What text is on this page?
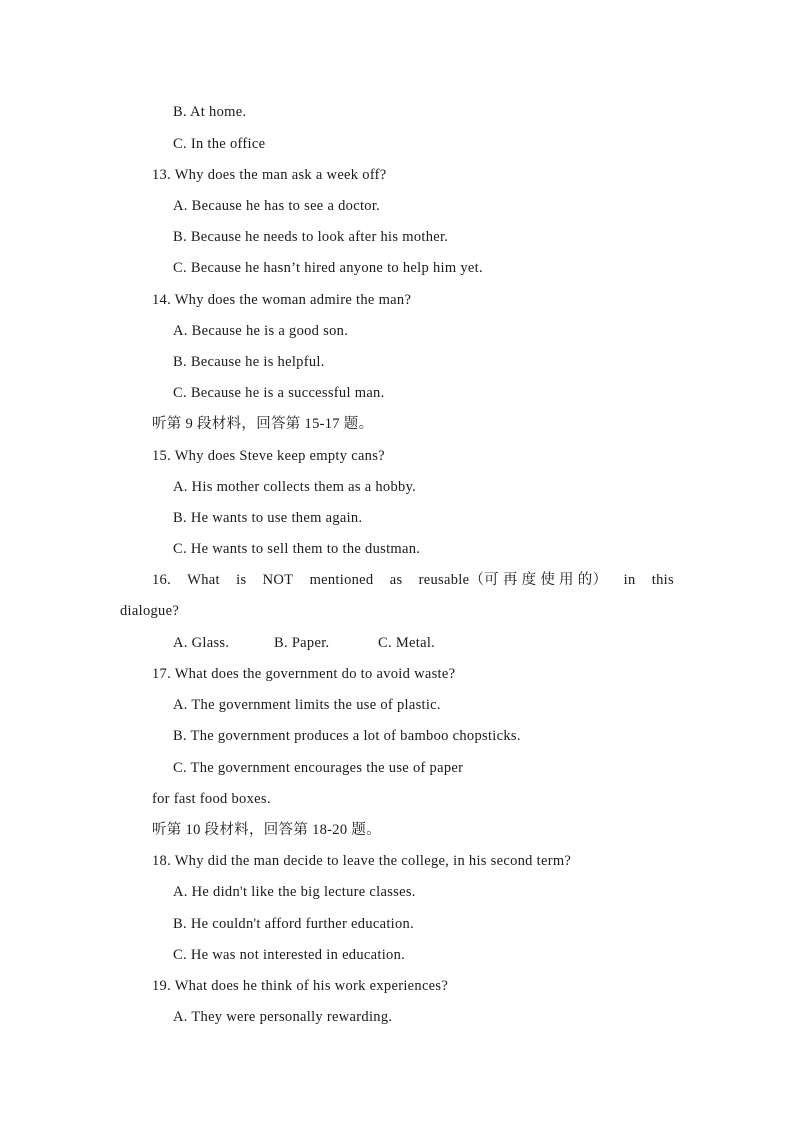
B. At home.
C. In the office
13. Why does the man ask a week off?
A. Because he has to see a doctor.
B. Because he needs to look after his mother.
C. Because he hasn’t hired anyone to help him yet.
14. Why does the woman admire the man?
A. Because he is a good son.
B. Because he is helpful.
C. Because he is a successful man.
听第 9 段材料，回答第 15-17 题。
15. Why does Steve keep empty cans?
A. His mother collects them as a hobby.
B. He wants to use them again.
C. He wants to sell them to the dustman.
16. What is NOT mentioned as reusable（可 再 度 使 用 的） in this
dialogue?
A. Glass.	B. Paper.	C. Metal.
17. What does the government do to avoid waste?
A. The government limits the use of plastic.
B. The government produces a lot of bamboo chopsticks.
C. The government encourages the use of paper
for fast food boxes.
听第 10 段材料，回答第 18-20 题。
18. Why did the man decide to leave the college, in his second term?
A. He didn't like the big lecture classes.
B. He couldn't afford further education.
C. He was not interested in education.
19. What does he think of his work experiences?
A. They were personally rewarding.
